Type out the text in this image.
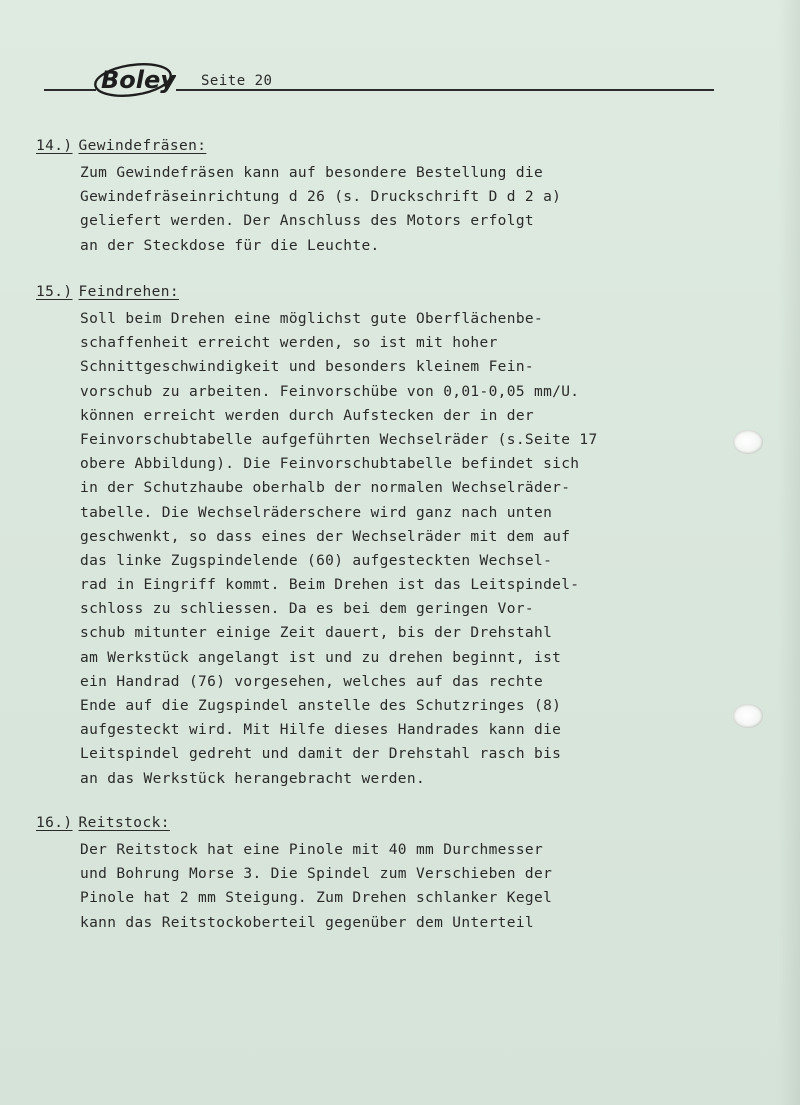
Boley Seite 20
14.) Gewindefräsen:
Zum Gewindefräsen kann auf besondere Bestellung die
Gewindefräseinrichtung d 26 (s. Druckschrift D d 2 a)
geliefert werden. Der Anschluss des Motors erfolgt
an der Steckdose für die Leuchte.
15.) Feindrehen:
Soll beim Drehen eine möglichst gute Oberflächenbe-
schaffenheit erreicht werden, so ist mit hoher
Schnittgeschwindigkeit und besonders kleinem Fein-
vorschub zu arbeiten. Feinvorschübe von 0,01-0,05 mm/U.
können erreicht werden durch Aufstecken der in der
Feinvorschubtabelle aufgeführten Wechselräder (s.Seite 17
obere Abbildung). Die Feinvorschubtabelle befindet sich
in der Schutzhaube oberhalb der normalen Wechselräder-
tabelle. Die Wechselräderschere wird ganz nach unten
geschwenkt, so dass eines der Wechselräder mit dem auf
das linke Zugspindelende (60) aufgesteckten Wechsel-
rad in Eingriff kommt. Beim Drehen ist das Leitspindel-
schloss zu schliessen. Da es bei dem geringen Vor-
schub mitunter einige Zeit dauert, bis der Drehstahl
am Werkstück angelangt ist und zu drehen beginnt, ist
ein Handrad (76) vorgesehen, welches auf das rechte
Ende auf die Zugspindel anstelle des Schutzringes (8)
aufgesteckt wird. Mit Hilfe dieses Handrades kann die
Leitspindel gedreht und damit der Drehstahl rasch bis
an das Werkstück herangebracht werden.
16.) Reitstock:
Der Reitstock hat eine Pinole mit 40 mm Durchmesser
und Bohrung Morse 3. Die Spindel zum Verschieben der
Pinole hat 2 mm Steigung. Zum Drehen schlanker Kegel
kann das Reitstockoberteil gegenüber dem Unterteil
